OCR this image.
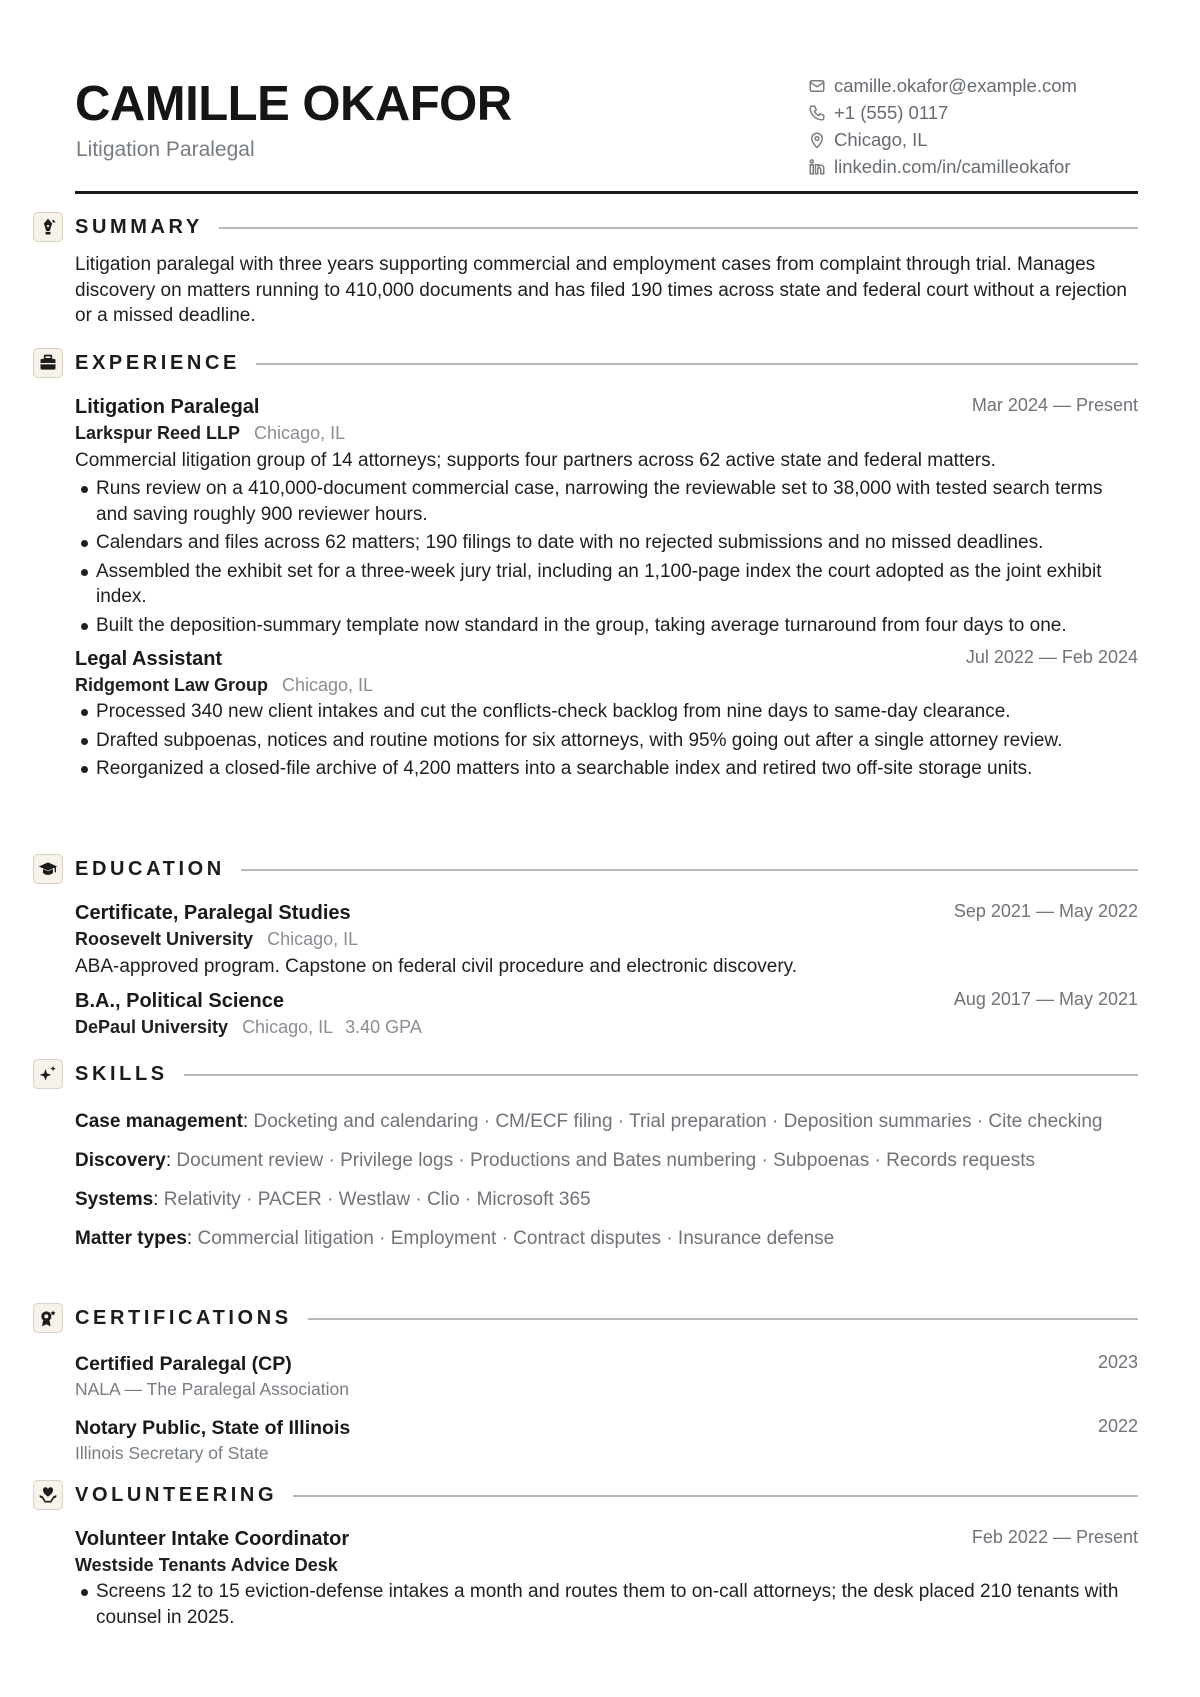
CAMILLE OKAFOR
Litigation Paralegal
camille.okafor@example.com
+1 (555) 0117
Chicago, IL
linkedin.com/in/camilleokafor
SUMMARY

Litigation paralegal with three years supporting commercial and employment cases from complaint through trial. Manages discovery on matters running to 410,000 documents and has filed 190 times across state and federal court without a rejection or a missed deadline.

EXPERIENCE
Litigation Paralegal	Mar 2024 — Present
Larkspur Reed LLP Chicago, IL
Commercial litigation group of 14 attorneys; supports four partners across 62 active state and federal matters.
Runs review on a 410,000-document commercial case, narrowing the reviewable set to 38,000 with tested search terms and saving roughly 900 reviewer hours.
Calendars and files across 62 matters; 190 filings to date with no rejected submissions and no missed deadlines.
Assembled the exhibit set for a three-week jury trial, including an 1,100-page index the court adopted as the joint exhibit index.
Built the deposition-summary template now standard in the group, taking average turnaround from four days to one.
Legal Assistant	Jul 2022 — Feb 2024
Ridgemont Law Group Chicago, IL
Processed 340 new client intakes and cut the conflicts-check backlog from nine days to same-day clearance.
Drafted subpoenas, notices and routine motions for six attorneys, with 95% going out after a single attorney review.
Reorganized a closed-file archive of 4,200 matters into a searchable index and retired two off-site storage units.
EDUCATION
Certificate, Paralegal Studies	Sep 2021 — May 2022
Roosevelt University Chicago, IL
ABA-approved program. Capstone on federal civil procedure and electronic discovery.
B.A., Political Science	Aug 2017 — May 2021
DePaul University Chicago, IL 3.40 GPA
SKILLS
Case management: Docketing and calendaring · CM/ECF filing · Trial preparation · Deposition summaries · Cite checking
Discovery: Document review · Privilege logs · Productions and Bates numbering · Subpoenas · Records requests
Systems: Relativity · PACER · Westlaw · Clio · Microsoft 365
Matter types: Commercial litigation · Employment · Contract disputes · Insurance defense
CERTIFICATIONS
Certified Paralegal (CP)	2023
NALA — The Paralegal Association
Notary Public, State of Illinois	2022
Illinois Secretary of State
VOLUNTEERING
Volunteer Intake Coordinator	Feb 2022 — Present
Westside Tenants Advice Desk
Screens 12 to 15 eviction-defense intakes a month and routes them to on-call attorneys; the desk placed 210 tenants with counsel in 2025.
